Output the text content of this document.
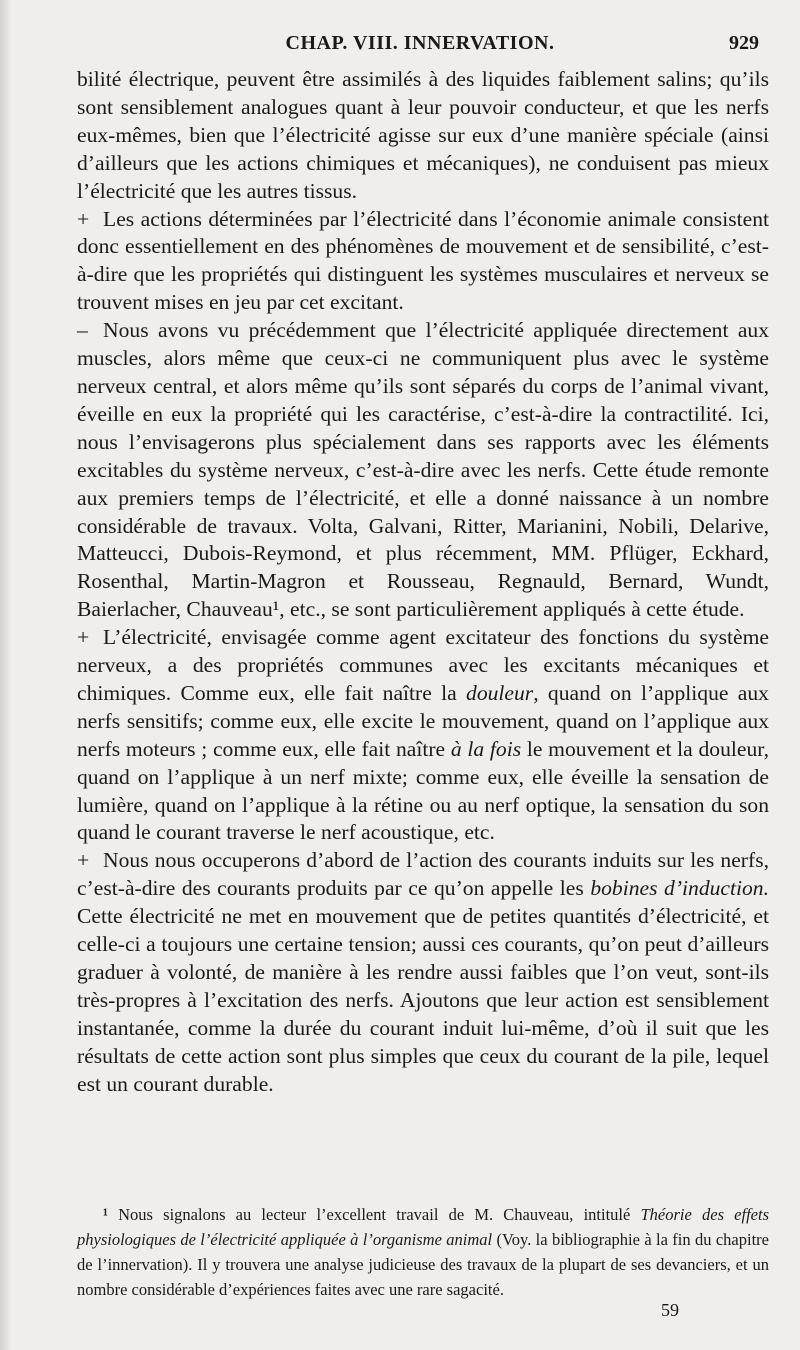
CHAP. VIII. INNERVATION.	929

bilité électrique, peuvent être assimilés à des liquides faiblement salins; qu’ils sont sensiblement analogues quant à leur pouvoir conducteur, et que les nerfs eux-mêmes, bien que l’électricité agisse sur eux d’une manière spéciale (ainsi d’ailleurs que les actions chimiques et mécaniques), ne conduisent pas mieux l’électricité que les autres tissus.

+ Les actions déterminées par l’électricité dans l’économie animale consistent donc essentiellement en des phénomènes de mouvement et de sensibilité, c’est-à-dire que les propriétés qui distinguent les systèmes musculaires et nerveux se trouvent mises en jeu par cet excitant.

– Nous avons vu précédemment que l’électricité appliquée directement aux muscles, alors même que ceux-ci ne communiquent plus avec le système nerveux central, et alors même qu’ils sont séparés du corps de l’animal vivant, éveille en eux la propriété qui les caractérise, c’est-à-dire la contractilité. Ici, nous l’envisagerons plus spécialement dans ses rapports avec les éléments excitables du système nerveux, c’est-à-dire avec les nerfs. Cette étude remonte aux premiers temps de l’électricité, et elle a donné naissance à un nombre considérable de travaux. Volta, Galvani, Ritter, Marianini, Nobili, Delarive, Matteucci, Dubois-Reymond, et plus récemment, MM. Pflüger, Eckhard, Rosenthal, Martin-Magron et Rousseau, Regnauld, Bernard, Wundt, Baierlacher, Chauveau¹, etc., se sont particulièrement appliqués à cette étude.

+ L’électricité, envisagée comme agent excitateur des fonctions du système nerveux, a des propriétés communes avec les excitants mécaniques et chimiques. Comme eux, elle fait naître la douleur, quand on l’applique aux nerfs sensitifs; comme eux, elle excite le mouvement, quand on l’applique aux nerfs moteurs ; comme eux, elle fait naître à la fois le mouvement et la douleur, quand on l’applique à un nerf mixte; comme eux, elle éveille la sensation de lumière, quand on l’applique à la rétine ou au nerf optique, la sensation du son quand le courant traverse le nerf acoustique, etc.

+ Nous nous occuperons d’abord de l’action des courants induits sur les nerfs, c’est-à-dire des courants produits par ce qu’on appelle les bobines d’induction. Cette électricité ne met en mouvement que de petites quantités d’électricité, et celle-ci a toujours une certaine tension; aussi ces courants, qu’on peut d’ailleurs graduer à volonté, de manière à les rendre aussi faibles que l’on veut, sont-ils très-propres à l’excitation des nerfs. Ajoutons que leur action est sensiblement instantanée, comme la durée du courant induit lui-même, d’où il suit que les résultats de cette action sont plus simples que ceux du courant de la pile, lequel est un courant durable.

¹ Nous signalons au lecteur l’excellent travail de M. Chauveau, intitulé Théorie des effets physiologiques de l’électricité appliquée à l’organisme animal (Voy. la bibliographie à la fin du chapitre de l’innervation). Il y trouvera une analyse judicieuse des travaux de la plupart de ses devanciers, et un nombre considérable d’expériences faites avec une rare sagacité.

59
